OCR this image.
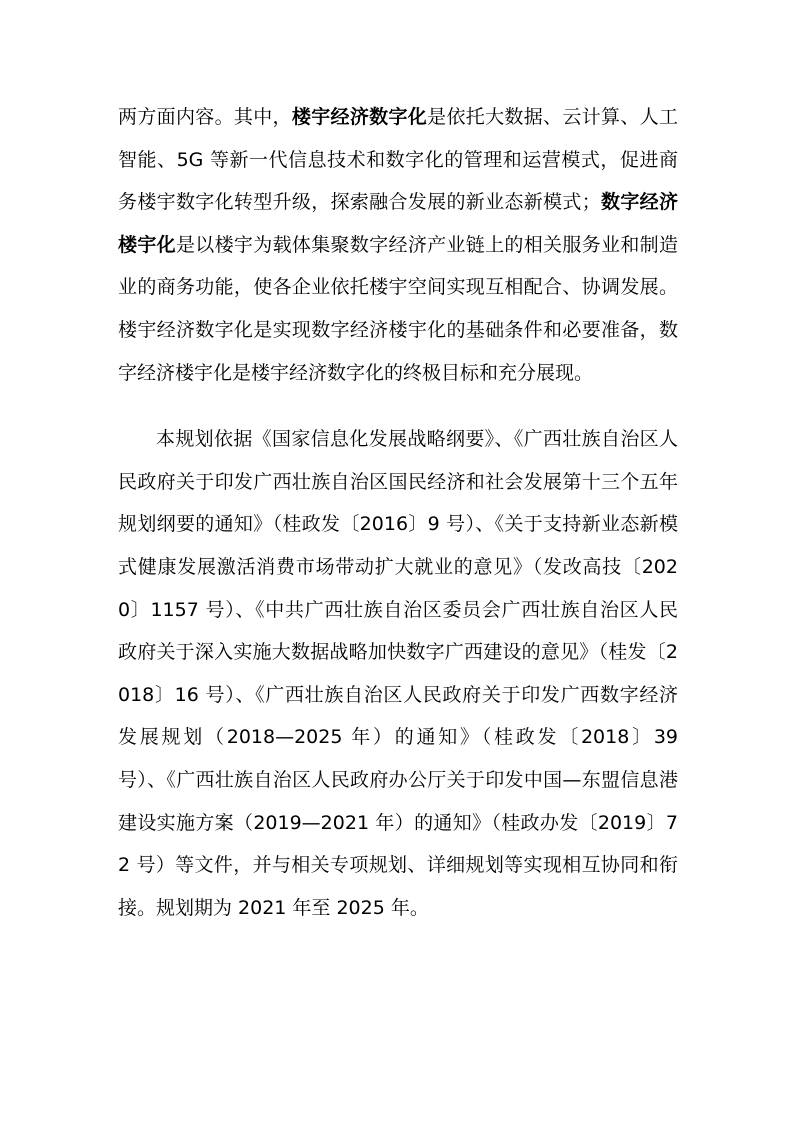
两方面内容。其中，楼宇经济数字化是依托大数据、云计算、人工智能、5G 等新一代信息技术和数字化的管理和运营模式，促进商务楼宇数字化转型升级，探索融合发展的新业态新模式；数字经济楼宇化是以楼宇为载体集聚数字经济产业链上的相关服务业和制造业的商务功能，使各企业依托楼宇空间实现互相配合、协调发展。楼宇经济数字化是实现数字经济楼宇化的基础条件和必要准备，数字经济楼宇化是楼宇经济数字化的终极目标和充分展现。

本规划依据《国家信息化发展战略纲要》、《广西壮族自治区人民政府关于印发广西壮族自治区国民经济和社会发展第十三个五年规划纲要的通知》（桂政发〔2016〕9 号）、《关于支持新业态新模式健康发展激活消费市场带动扩大就业的意见》（发改高技〔2020〕1157 号）、《中共广西壮族自治区委员会广西壮族自治区人民政府关于深入实施大数据战略加快数字广西建设的意见》（桂发〔2018〕16 号）、《广西壮族自治区人民政府关于印发广西数字经济发展规划（2018—2025 年）的通知》（桂政发〔2018〕39 号）、《广西壮族自治区人民政府办公厅关于印发中国—东盟信息港建设实施方案（2019—2021 年）的通知》（桂政办发〔2019〕72 号）等文件，并与相关专项规划、详细规划等实现相互协同和衔接。规划期为 2021 年至 2025 年。
